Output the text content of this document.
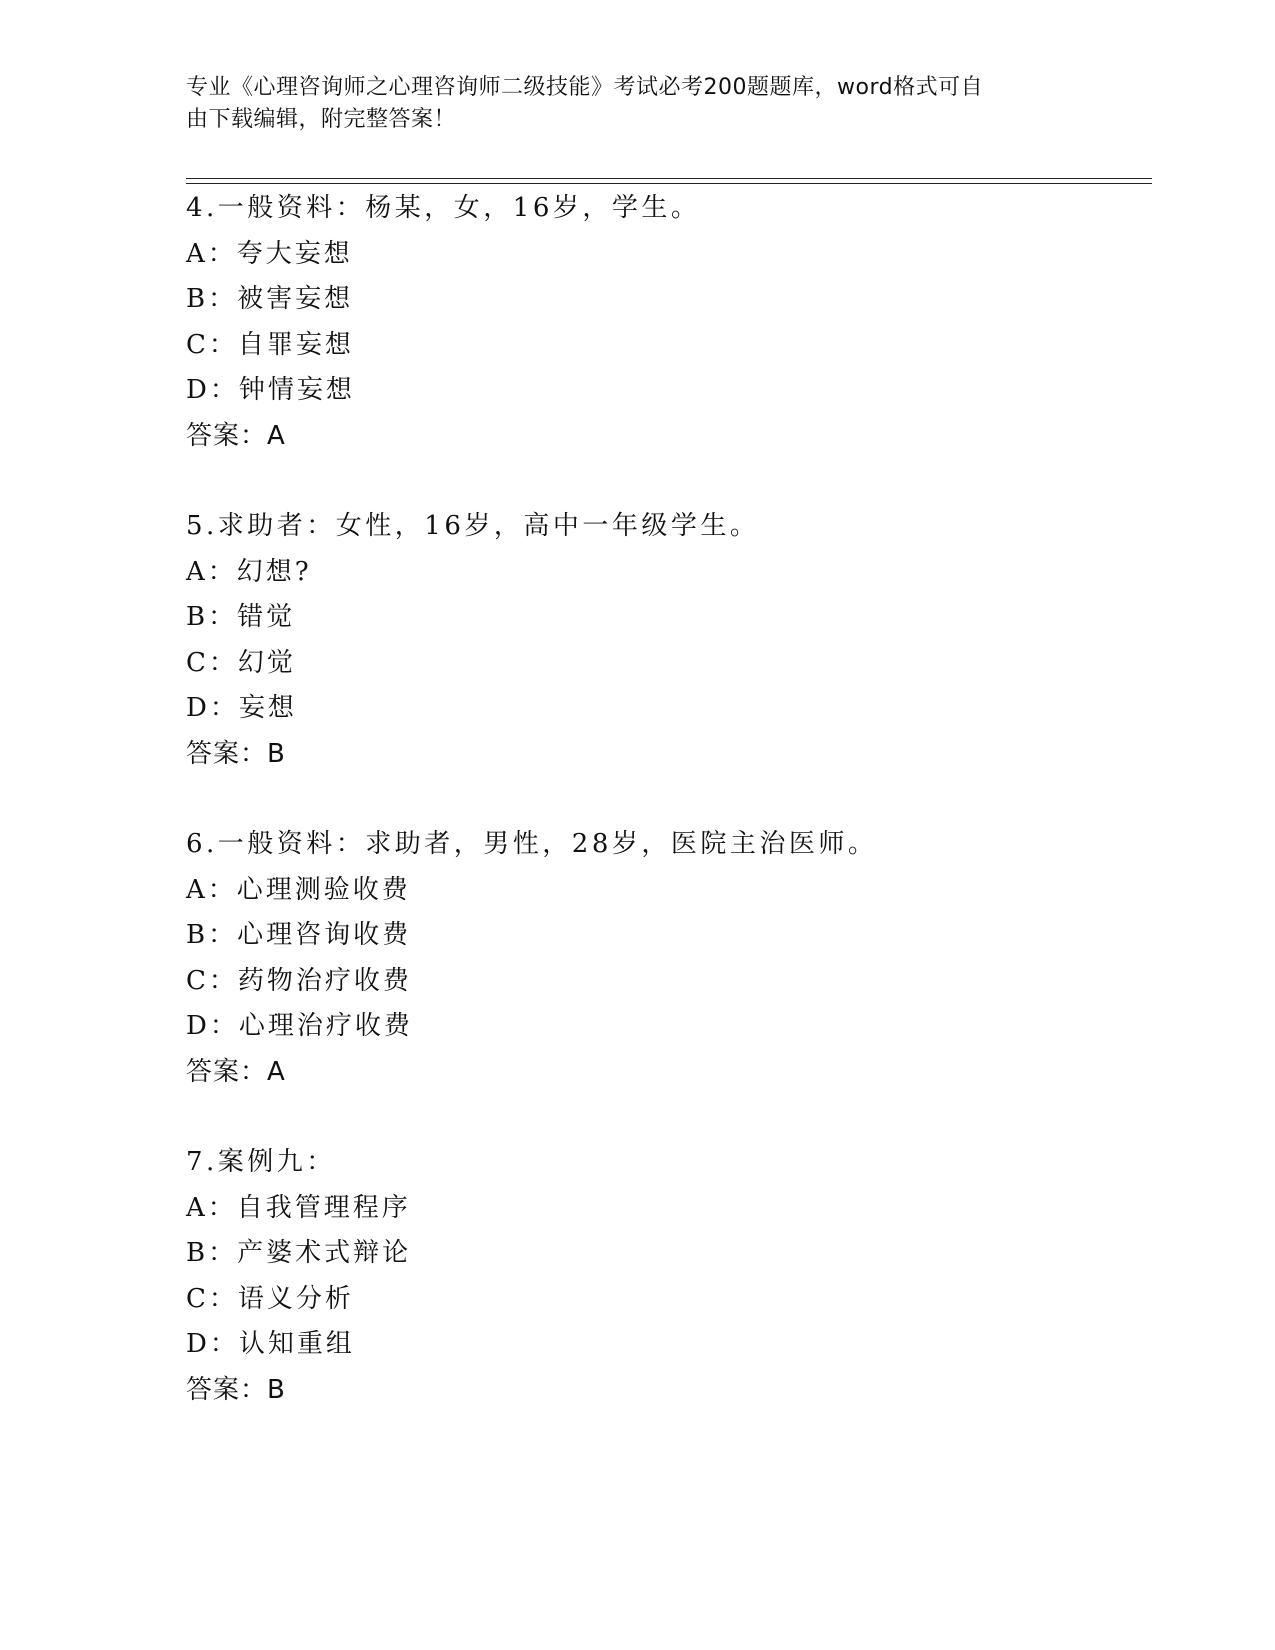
专业《心理咨询师之心理咨询师二级技能》考试必考200题题库，word格式可自
由下载编辑，附完整答案！
4.一般资料：杨某，女，16岁，学生。
A：夸大妄想
B：被害妄想
C：自罪妄想
D：钟情妄想
答案：A
5.求助者：女性，16岁，高中一年级学生。
A：幻想?
B：错觉
C：幻觉
D：妄想
答案：B
6.一般资料：求助者，男性，28岁，医院主治医师。
A：心理测验收费
B：心理咨询收费
C：药物治疗收费
D：心理治疗收费
答案：A
7.案例九：
A：自我管理程序
B：产婆术式辩论
C：语义分析
D：认知重组
答案：B
